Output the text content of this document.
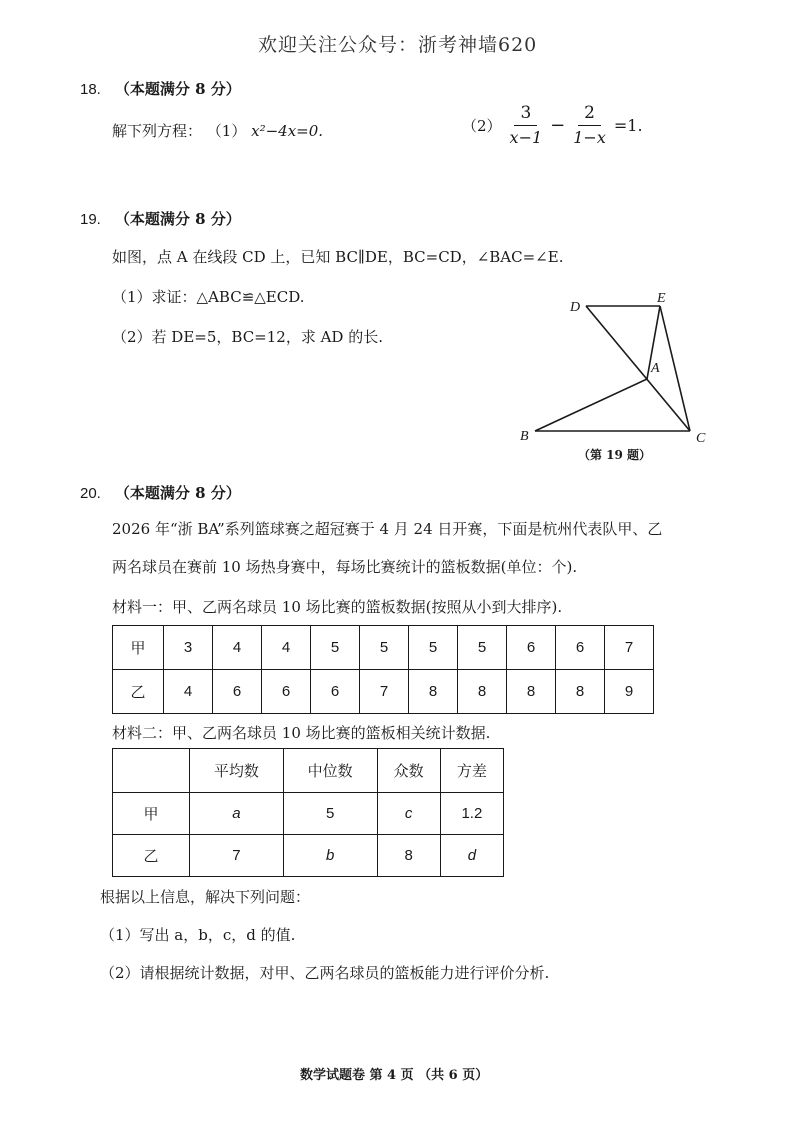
欢迎关注公众号：浙考神墙620
18. （本题满分 8 分）
解下列方程： （1） x²−4x=0.	$(2) \frac{3}{x-1} - \frac{2}{1-x} =1$.
19. （本题满分 8 分）
如图，点 A 在线段 CD 上，已知 BC∥DE，BC=CD，∠BAC=∠E.
（1）求证：△ABC≌△ECD.
（2）若 DE=5，BC=12，求 AD 的长.
D
E
A
B	C
（第 19 题）
20. （本题满分 8 分）
2026 年“浙 BA”系列篮球赛之超冠赛于 4 月 24 日开赛，下面是杭州代表队甲、乙
两名球员在赛前 10 场热身赛中，每场比赛统计的篮板数据(单位：个).
材料一：甲、乙两名球员 10 场比赛的篮板数据(按照从小到大排序).
甲	3	4	4	5	5	5	5	6	6	7
乙	4	6	6	6	7	8	8	8	8	9
材料二：甲、乙两名球员 10 场比赛的篮板相关统计数据.
	平均数	中位数	众数	方差
甲	a	5	c	1.2
乙	7	b	8	d
根据以上信息，解决下列问题：
（1）写出 a，b，c，d 的值.
（2）请根据统计数据，对甲、乙两名球员的篮板能力进行评价分析.
数学试题卷 第 4 页 （共 6 页）
